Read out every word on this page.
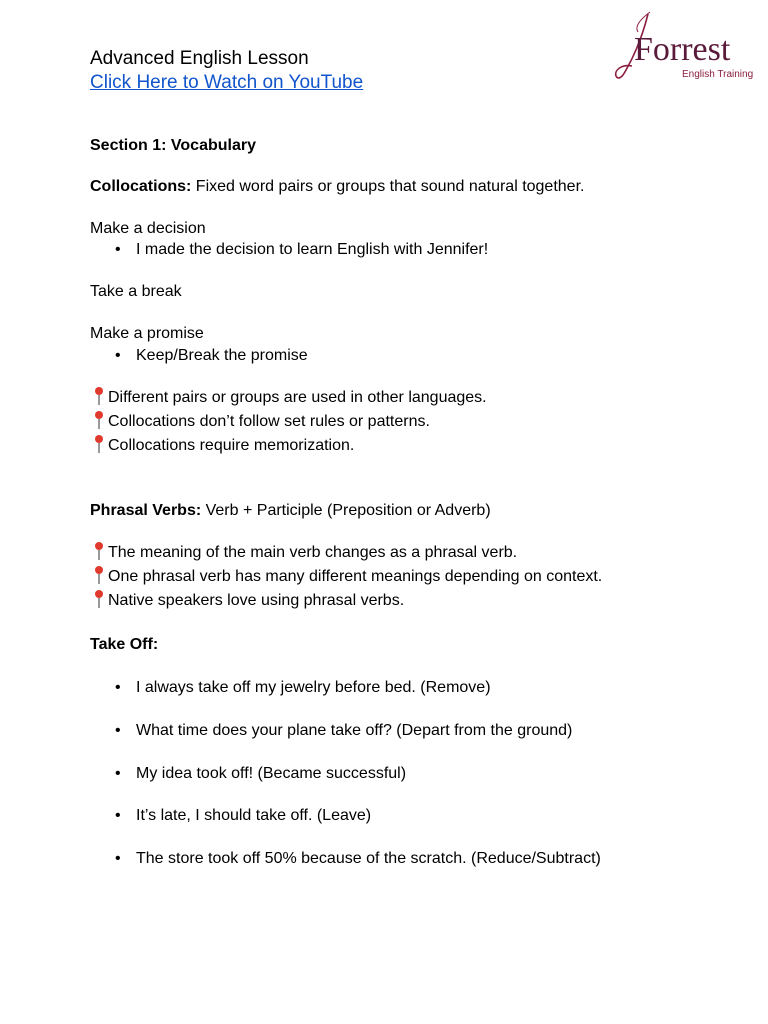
Advanced English Lesson
Click Here to Watch on YouTube
Forrest
English Training
Section 1: Vocabulary
Collocations: Fixed word pairs or groups that sound natural together.
Make a decision
• I made the decision to learn English with Jennifer!
Take a break
Make a promise
• Keep/Break the promise
Different pairs or groups are used in other languages.
Collocations don’t follow set rules or patterns.
Collocations require memorization.
Phrasal Verbs: Verb + Participle (Preposition or Adverb)
The meaning of the main verb changes as a phrasal verb.
One phrasal verb has many different meanings depending on context.
Native speakers love using phrasal verbs.
Take Off:
• I always take off my jewelry before bed. (Remove)
• What time does your plane take off? (Depart from the ground)
• My idea took off! (Became successful)
• It’s late, I should take off. (Leave)
• The store took off 50% because of the scratch. (Reduce/Subtract)
